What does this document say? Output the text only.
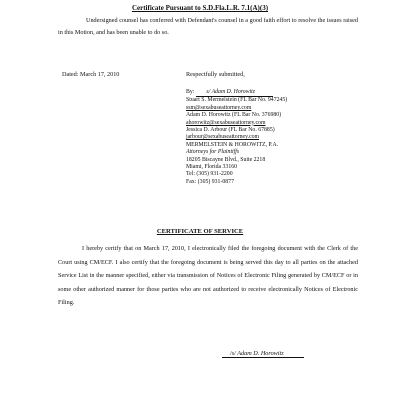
Certificate Pursuant to S.D.Fla.L.R. 7.1(A)(3)
Undersigned counsel has conferred with Defendant's counsel in a good faith effort to resolve the issues raised in this Motion, and has been unable to do so.
Dated: March 17, 2010	Respectfully submitted,
By:	s/ Adam D. Horowitz
Stuart S. Mermelstein (FL Bar No. 947245)
ssm@sexabuseattorney.com
Adam D. Horowitz (FL Bar No. 376980)
ahorowitz@sexabuseattorney.com
Jessica D. Arbour (FL Bar No. 67885)
jarbour@sexabuseattorney.com
MERMELSTEIN & HOROWITZ, P.A.
Attorneys for Plaintiffs
18205 Biscayne Blvd., Suite 2218
Miami, Florida 33160
Tel: (305) 931-2200
Fax: (305) 931-0877
CERTIFICATE OF SERVICE
I hereby certify that on March 17, 2010, I electronically filed the foregoing document with the Clerk of the Court using CM/ECF. I also certify that the foregoing document is being served this day to all parties on the attached Service List in the manner specified, either via transmission of Notices of Electronic Filing generated by CM/ECF or in some other authorized manner for those parties who are not authorized to receive electronically Notices of Electronic Filing.
/s/ Adam D. Horowitz
